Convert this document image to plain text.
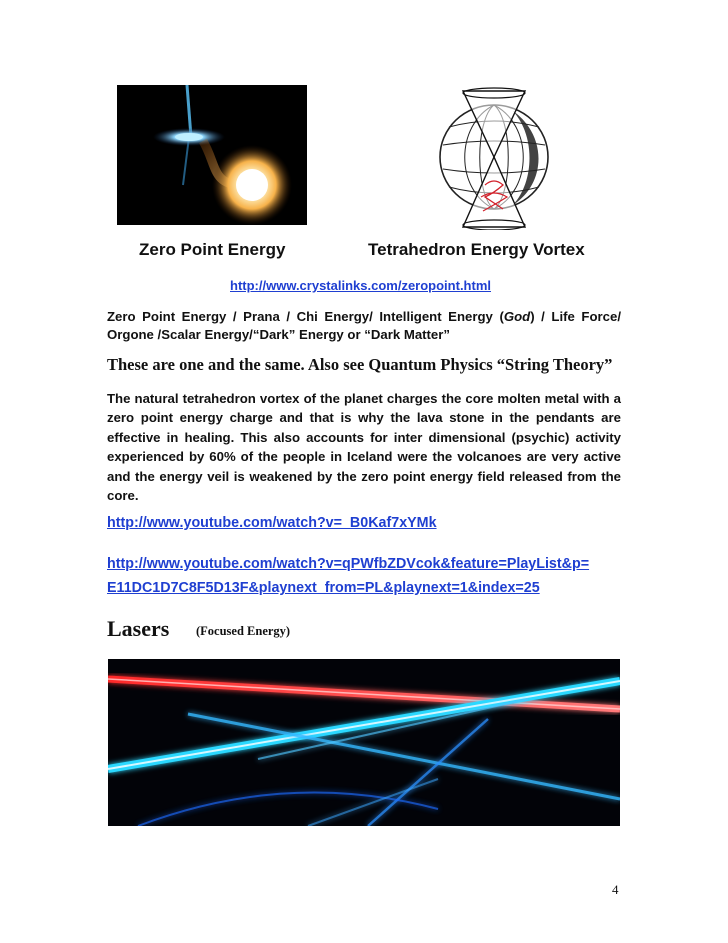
Zero Point Energy	Tetrahedron Energy Vortex
http://www.crystalinks.com/zeropoint.html
Zero Point Energy / Prana / Chi Energy/ Intelligent Energy (God) / Life Force/ Orgone /Scalar Energy/“Dark” Energy or “Dark Matter”
These are one and the same. Also see Quantum Physics “String Theory”
The natural tetrahedron vortex of the planet charges the core molten metal with a zero point energy charge and that is why the lava stone in the pendants are effective in healing. This also accounts for inter dimensional (psychic) activity experienced by 60% of the people in Iceland were the volcanoes are very active and the energy veil is weakened by the zero point energy field released from the core.
http://www.youtube.com/watch?v=_B0Kaf7xYMk
http://www.youtube.com/watch?v=qPWfbZDVcok&feature=PlayList&p=
E11DC1D7C8F5D13F&playnext_from=PL&playnext=1&index=25
Lasers (Focused Energy)
4
